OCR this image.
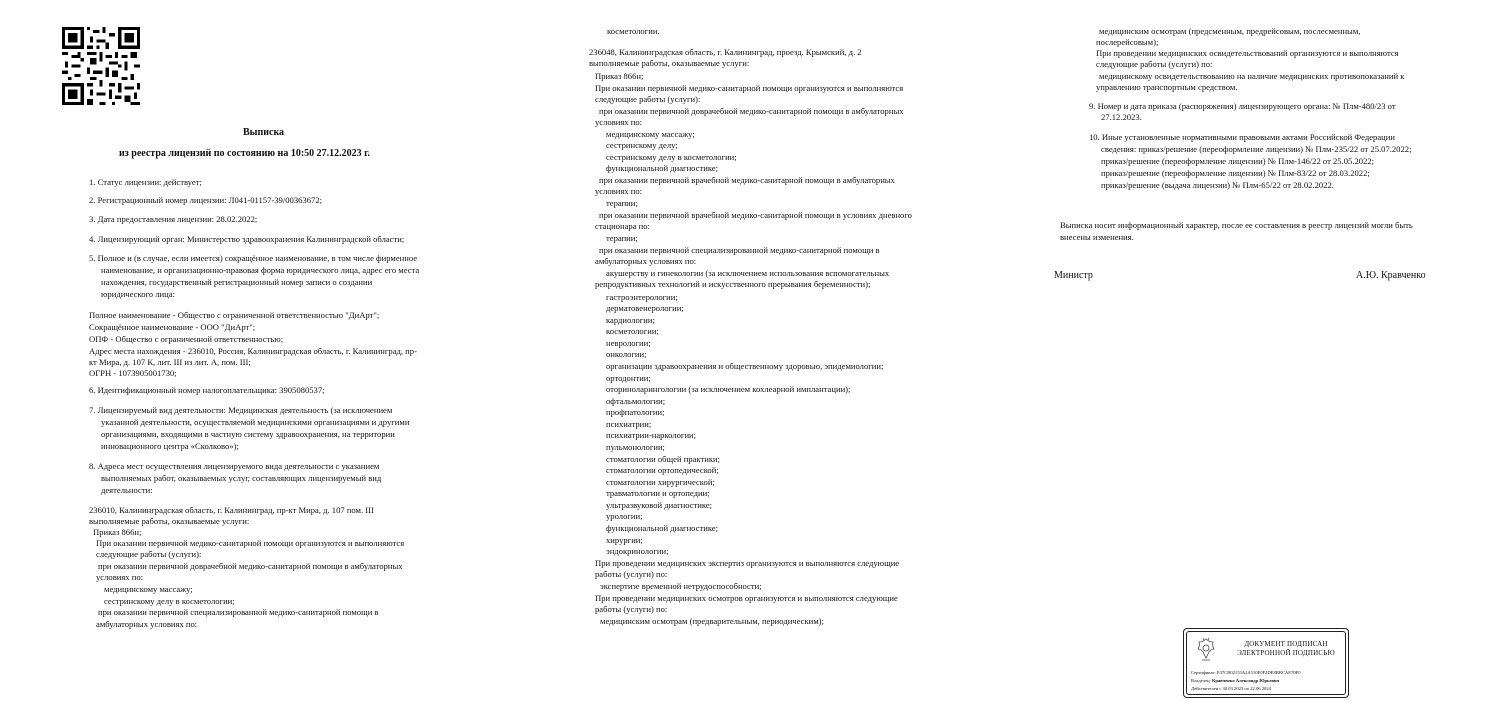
Выписка
из реестра лицензий по состоянию на 10:50 27.12.2023 г.
1. Статус лицензии: действует;
2. Регистрационный номер лицензии: Л041-01157-39/00363672;
3. Дата предоставления лицензии: 28.02.2022;
4. Лицензирующий орган: Министерство здравоохранения Калининградской области;
5. Полное и (в случае, если имеется) сокращённое наименование, в том числе фирменное
наименование, и организационно-правовая форма юридического лица, адрес его места
нахождения, государственный регистрационный номер записи о создании
юридического лица:
Полное наименование - Общество с ограниченной ответственностью "ДиАрт";
Сокращённое наименование - ООО "ДиАрт";
ОПФ - Общество с ограниченной ответственностью;
Адрес места нахождения - 236010, Россия, Калининградская область, г. Калининград, пр-
кт Мира, д. 107 К, лит. III из лит. А, пом. III;
ОГРН - 1073905001730;
6. Идентификационный номер налогоплательщика: 3905080537;
7. Лицензируемый вид деятельности: Медицинская деятельность (за исключением
указанной деятельности, осуществляемой медицинскими организациями и другими
организациями, входящими в частную систему здравоохранения, на территории
инновационного центра «Сколково»);
8. Адреса мест осуществления лицензируемого вида деятельности с указанием
выполняемых работ, оказываемых услуг, составляющих лицензируемый вид
деятельности:
236010, Калининградская область, г. Калининград, пр-кт Мира, д. 107 пом. III
выполняемые работы, оказываемые услуги:
Приказ 866н;
При оказании первичной медико-санитарной помощи организуются и выполняются
следующие работы (услуги):
при оказании первичной доврачебной медико-санитарной помощи в амбулаторных
условиях по:
медицинскому массажу;
сестринскому делу в косметологии;
при оказании первичной специализированной медико-санитарной помощи в
амбулаторных условиях по:
косметологии.
236048, Калининградская область, г. Калининград, проезд. Крымский, д. 2
выполняемые работы, оказываемые услуги:
Приказ 866н;
При оказании первичной медико-санитарной помощи организуются и выполняются
следующие работы (услуги):
при оказании первичной доврачебной медико-санитарной помощи в амбулаторных
условиях по:
медицинскому массажу;
сестринскому делу;
сестринскому делу в косметологии;
функциональной диагностике;
при оказании первичной врачебной медико-санитарной помощи в амбулаторных
условиях по:
терапии;
при оказании первичной врачебной медико-санитарной помощи в условиях дневного
стационара по:
терапии;
при оказании первичной специализированной медико-санитарной помощи в
амбулаторных условиях по:
акушерству и гинекологии (за исключением использования вспомогательных
репродуктивных технологий и искусственного прерывания беременности);
гастроэнтерологии;
дерматовенерологии;
кардиологии;
косметологии;
неврологии;
онкологии;
организации здравоохранения и общественному здоровью, эпидемиологии;
ортодонтии;
оториноларингологии (за исключением кохлеарной имплантации);
офтальмологии;
профпатологии;
психиатрии;
психиатрии-наркологии;
пульмонологии;
стоматологии общей практики;
стоматологии ортопедической;
стоматологии хирургической;
травматологии и ортопедии;
ультразвуковой диагностике;
урологии;
функциональной диагностике;
хирургии;
эндокринологии;
При проведении медицинских экспертиз организуются и выполняются следующие
работы (услуги) по:
экспертизе временной нетрудоспособности;
При проведении медицинских осмотров организуются и выполняются следующие
работы (услуги) по:
медицинским осмотрам (предварительным, периодическим);
медицинским осмотрам (предсменным, предрейсовым, послесменным,
послерейсовым);
При проведении медицинских освидетельствований организуются и выполняются
следующие работы (услуги) по:
медицинскому освидетельствованию на наличие медицинских противопоказаний к
управлению транспортным средством.
9. Номер и дата приказа (распоряжения) лицензирующего органа: № Плм-480/23 от
27.12.2023.
10. Иные установленные нормативными правовыми актами Российской Федерации
сведения: приказ/решение (переоформление лицензии) № Плм-235/22 от 25.07.2022;
приказ/решение (переоформление лицензии) № Плм-146/22 от 25.05.2022;
приказ/решение (переоформление лицензии) № Плм-83/22 от 28.03.2022;
приказ/решение (выдача лицензии) № Плм-65/22 от 28.02.2022.
Выписка носит информационный характер, после ее составления в реестр лицензий могли быть
внесены изменения.
Министр	А.Ю. Кравченко
ДОКУМЕНТ ПОДПИСАН
ЭЛЕКТРОННОЙ ПОДПИСЬЮ
Сертификат: Е37СВ02155А2А510F0F2DE8BBCAE70F0
Владелец: Кравченко Александр Юрьевич
Действителен с 30.03.2023 по 22.06.2024
